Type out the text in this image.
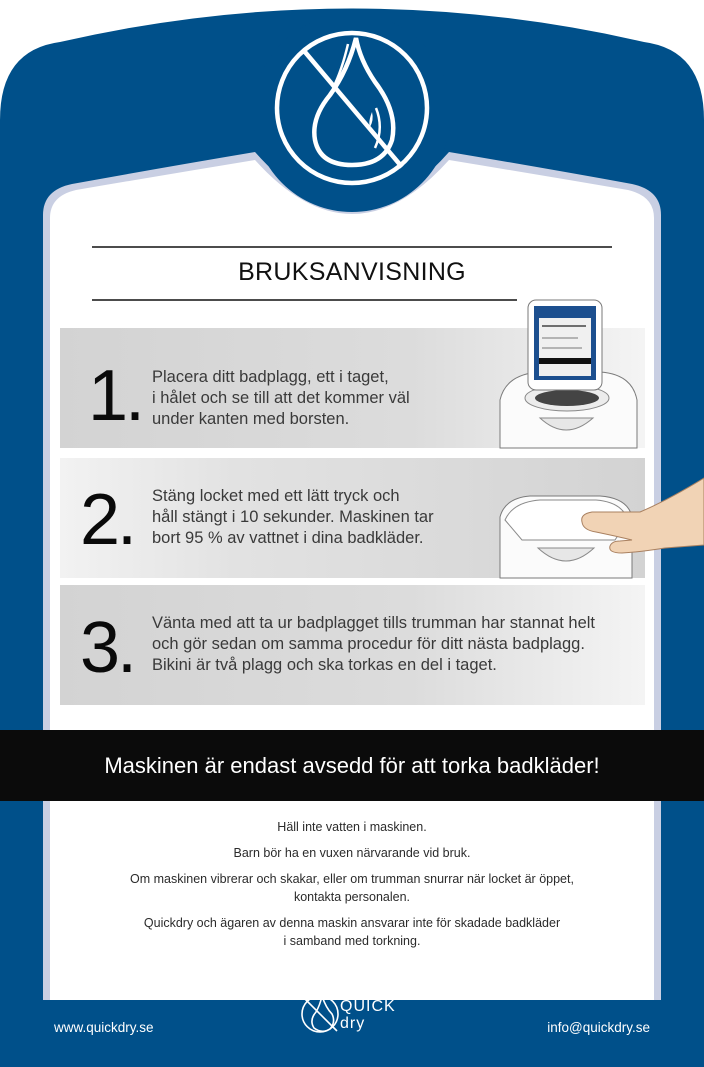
BRUKSANVISNING
1. Placera ditt badplagg, ett i taget,
i hålet och se till att det kommer väl
under kanten med borsten.
2. Stäng locket med ett lätt tryck och
håll stängt i 10 sekunder. Maskinen tar
bort 95 % av vattnet i dina badkläder.
3. Vänta med att ta ur badplagget tills trumman har stannat helt
och gör sedan om samma procedur för ditt nästa badplagg.
Bikini är två plagg och ska torkas en del i taget.
Maskinen är endast avsedd för att torka badkläder!

Häll inte vatten i maskinen.

Barn bör ha en vuxen närvarande vid bruk.

Om maskinen vibrerar och skakar, eller om trumman snurrar när locket är öppet,
kontakta personalen.

Quickdry och ägaren av denna maskin ansvarar inte för skadade badkläder
i samband med torkning.

www.quickdry.se	info@quickdry.se
QUICK dry
